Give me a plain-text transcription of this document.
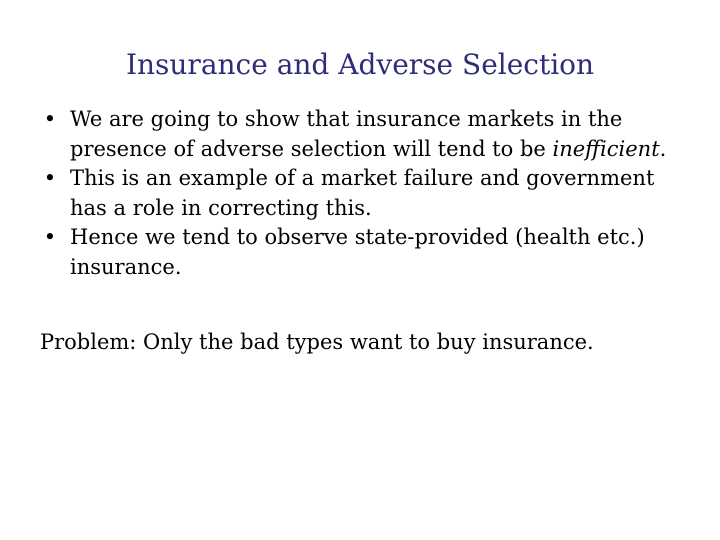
Insurance and Adverse Selection
• We are going to show that insurance markets in the presence of adverse selection will tend to be inefficient.
• This is an example of a market failure and government has a role in correcting this.
• Hence we tend to observe state-provided (health etc.) insurance.
Problem: Only the bad types want to buy insurance.
